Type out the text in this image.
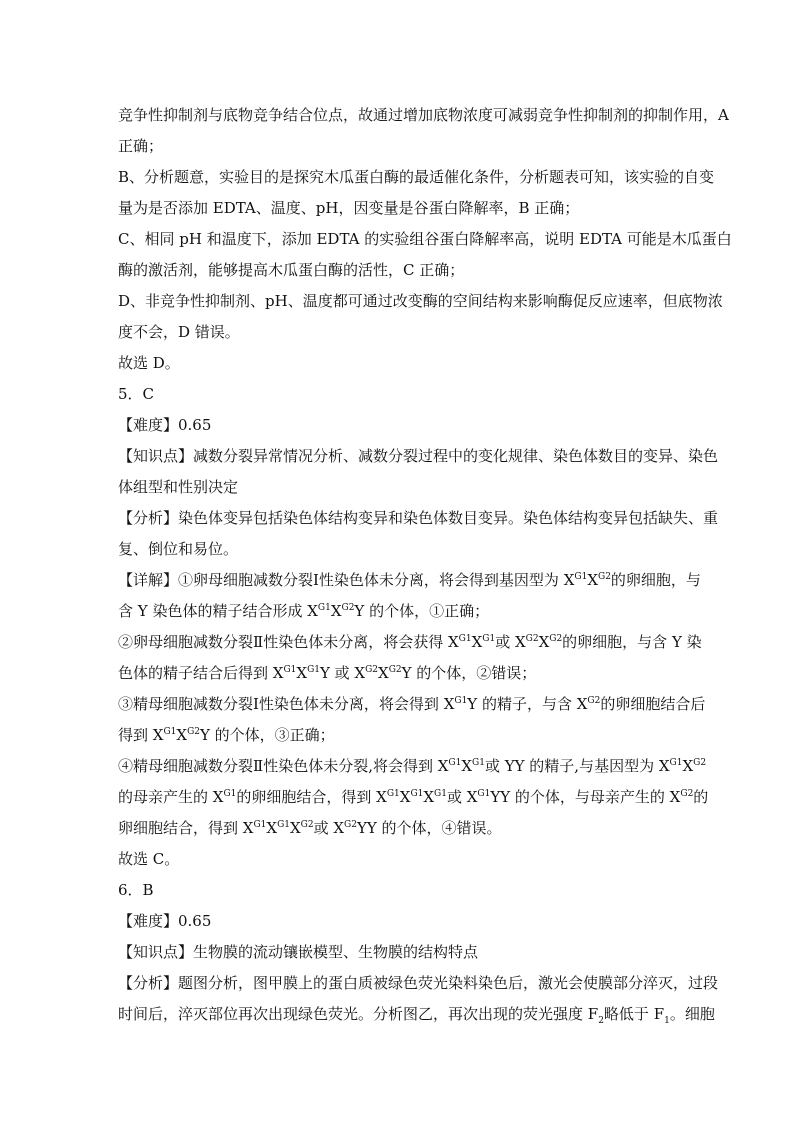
竞争性抑制剂与底物竞争结合位点，故通过增加底物浓度可减弱竞争性抑制剂的抑制作用，A
正确；
B、分析题意，实验目的是探究木瓜蛋白酶的最适催化条件，分析题表可知，该实验的自变
量为是否添加 EDTA、温度、pH，因变量是谷蛋白降解率，B 正确；
C、相同 pH 和温度下，添加 EDTA 的实验组谷蛋白降解率高，说明 EDTA 可能是木瓜蛋白
酶的激活剂，能够提高木瓜蛋白酶的活性，C 正确；
D、非竞争性抑制剂、pH、温度都可通过改变酶的空间结构来影响酶促反应速率，但底物浓
度不会，D 错误。
故选 D。
5．C
【难度】0.65
【知识点】减数分裂异常情况分析、减数分裂过程中的变化规律、染色体数目的变异、染色
体组型和性别决定
【分析】染色体变异包括染色体结构变异和染色体数目变异。染色体结构变异包括缺失、重
复、倒位和易位。
【详解】①卵母细胞减数分裂Ⅰ性染色体未分离，将会得到基因型为 $X^{G1}X^{G2}$的卵细胞，与
含 Y 染色体的精子结合形成 $X^{G1}X^{G2}Y$ 的个体，①正确；
②卵母细胞减数分裂Ⅱ性染色体未分离，将会获得 $X^{G1}X^{G1}$或 $X^{G2}X^{G2}$的卵细胞，与含 Y 染
色体的精子结合后得到 $X^{G1}X^{G1}Y$ 或 $X^{G2}X^{G2}Y$ 的个体，②错误；
③精母细胞减数分裂Ⅰ性染色体未分离，将会得到 $X^{G1}Y$ 的精子，与含 $X^{G2}$的卵细胞结合后
得到 $X^{G1}X^{G2}Y$ 的个体，③正确；
④精母细胞减数分裂Ⅱ性染色体未分裂,将会得到 $X^{G1}X^{G1}$或 YY 的精子,与基因型为 $X^{G1}X^{G2}$
的母亲产生的 $X^{G1}$的卵细胞结合，得到 $X^{G1}X^{G1}X^{G1}$或 $X^{G1}YY$ 的个体，与母亲产生的 $X^{G2}$的
卵细胞结合，得到 $X^{G1}X^{G1}X^{G2}$或 $X^{G2}YY$ 的个体，④错误。
故选 C。
6．B
【难度】0.65
【知识点】生物膜的流动镶嵌模型、生物膜的结构特点
【分析】题图分析，图甲膜上的蛋白质被绿色荧光染料染色后，激光会使膜部分淬灭，过段
时间后，淬灭部位再次出现绿色荧光。分析图乙，再次出现的荧光强度 $F_2$略低于 $F_1$。细胞
